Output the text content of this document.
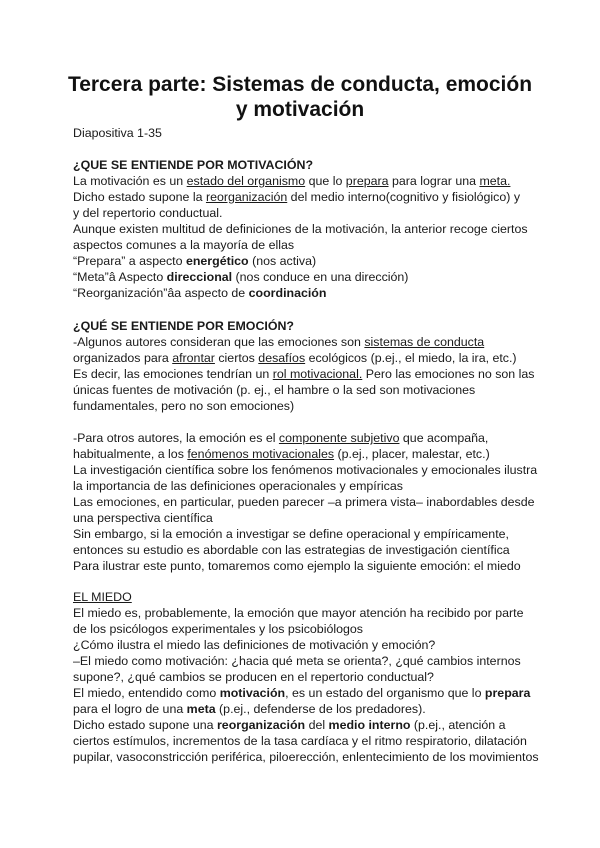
Tercera parte: Sistemas de conducta, emoción
y motivación
Diapositiva 1-35
¿QUE SE ENTIENDE POR MOTIVACIÓN?
La motivación es un estado del organismo que lo prepara para lograr una meta.
Dicho estado supone la reorganización del medio interno(cognitivo y fisiológico) y
y del repertorio conductual.
Aunque existen multitud de definiciones de la motivación, la anterior recoge ciertos
aspectos comunes a la mayoría de ellas
“Prepara” a aspecto energético (nos activa)
“Meta”â Aspecto direccional (nos conduce en una dirección)
“Reorganización”âa aspecto de coordinación
¿QUÉ SE ENTIENDE POR EMOCIÓN?
-Algunos autores consideran que las emociones son sistemas de conducta
organizados para afrontar ciertos desafíos ecológicos (p.ej., el miedo, la ira, etc.)
Es decir, las emociones tendrían un rol motivacional. Pero las emociones no son las
únicas fuentes de motivación (p. ej., el hambre o la sed son motivaciones
fundamentales, pero no son emociones)
-Para otros autores, la emoción es el componente subjetivo que acompaña,
habitualmente, a los fenómenos motivacionales (p.ej., placer, malestar, etc.)
La investigación científica sobre los fenómenos motivacionales y emocionales ilustra
la importancia de las definiciones operacionales y empíricas
Las emociones, en particular, pueden parecer –a primera vista– inabordables desde
una perspectiva científica
Sin embargo, si la emoción a investigar se define operacional y empíricamente,
entonces su estudio es abordable con las estrategias de investigación científica
Para ilustrar este punto, tomaremos como ejemplo la siguiente emoción: el miedo
EL MIEDO
El miedo es, probablemente, la emoción que mayor atención ha recibido por parte
de los psicólogos experimentales y los psicobiólogos
¿Cómo ilustra el miedo las definiciones de motivación y emoción?
–El miedo como motivación: ¿hacia qué meta se orienta?, ¿qué cambios internos
supone?, ¿qué cambios se producen en el repertorio conductual?
El miedo, entendido como motivación, es un estado del organismo que lo prepara
para el logro de una meta (p.ej., defenderse de los predadores).
Dicho estado supone una reorganización del medio interno (p.ej., atención a
ciertos estímulos, incrementos de la tasa cardíaca y el ritmo respiratorio, dilatación
pupilar, vasoconstricción periférica, piloerección, enlentecimiento de los movimientos
